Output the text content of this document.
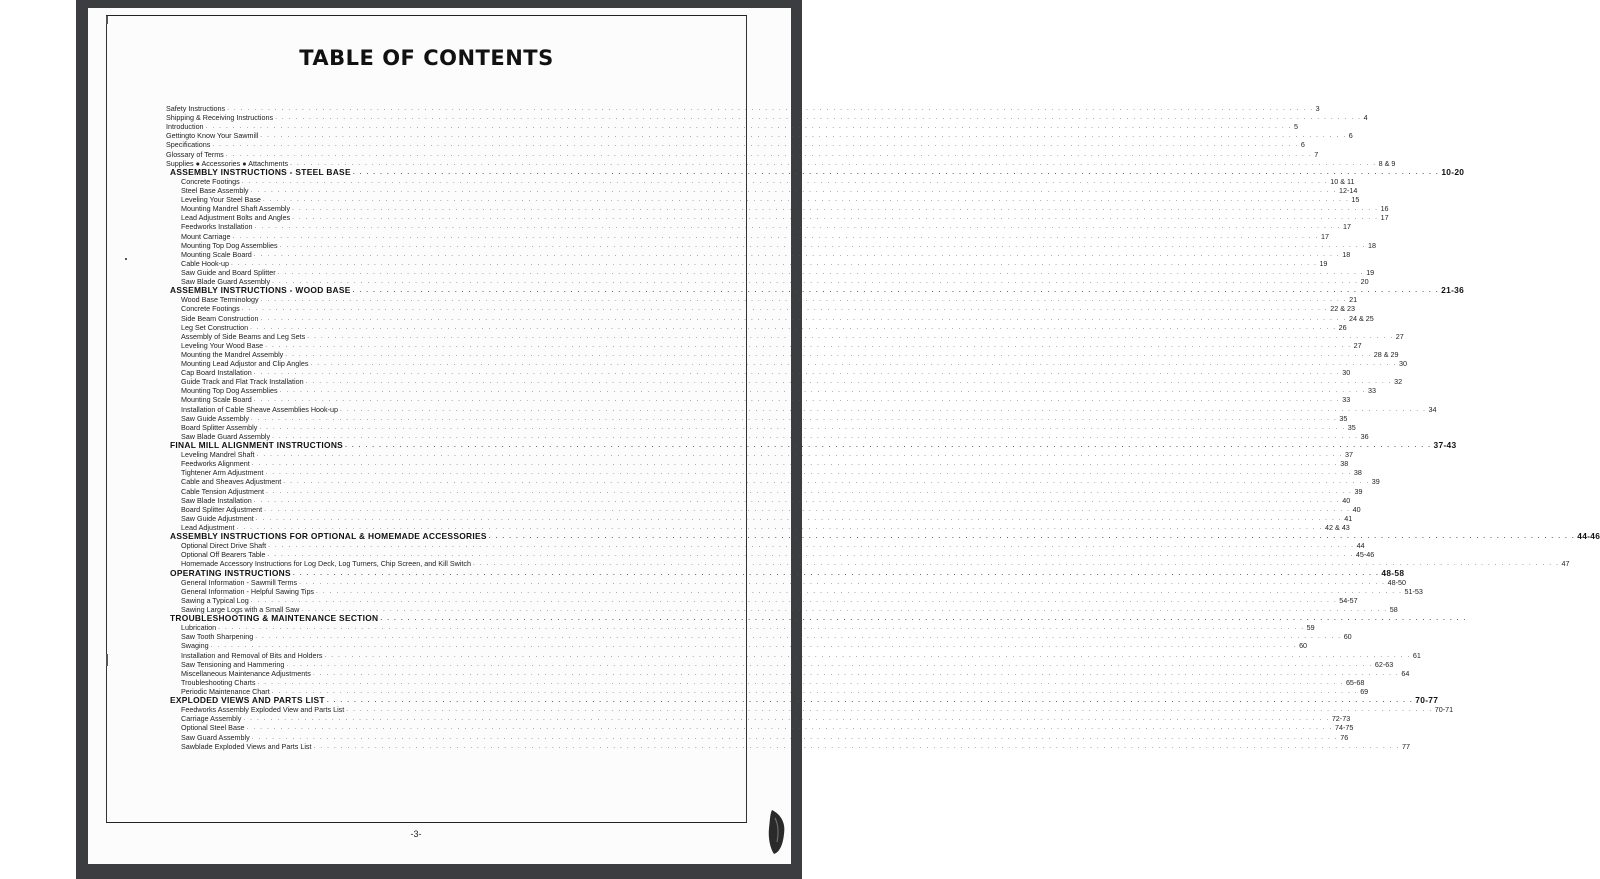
TABLE OF CONTENTS
Safety Instructions . . . . . . . . . . . . . . . . . . . . . . . . . . . . . . . . . . . . . . . . . . . . . . . . . . . . . . . . . . . . . . . . . . . . . . . . . . . . . . . . . . . . . . . . . . . . . . . . . . . . . . . . . . . . . . . . . . . . . . . . . . . . . . . . . . . . . . . . . . . . . . . . . . . . . . . . . . . . . . . . 3
Shipping & Receiving Instructions . . . . . . . . . . . . . . . . . . . . . . . . . . . . . . . . . . . . . . . . . . . . . . . . . . . . . . . . . . . . . . . . . . . . . . . . . . . . . . . . . . . . . . . . . . . . . . . . . . . . . . . . . . . . . . . . . . . . . . . . . . . . . . . . . . . . . . . . . . . . . . . . . . . . . . . . . . . . . . . . 4
Introduction . . . . . . . . . . . . . . . . . . . . . . . . . . . . . . . . . . . . . . . . . . . . . . . . . . . . . . . . . . . . . . . . . . . . . . . . . . . . . . . . . . . . . . . . . . . . . . . . . . . . . . . . . . . . . . . . . . . . . . . . . . . . . . . . . . . . . . . . . . . . . . . . . . . . . . . . . . . . . . . . 5
Gettingto Know Your Sawmill . . . . . . . . . . . . . . . . . . . . . . . . . . . . . . . . . . . . . . . . . . . . . . . . . . . . . . . . . . . . . . . . . . . . . . . . . . . . . . . . . . . . . . . . . . . . . . . . . . . . . . . . . . . . . . . . . . . . . . . . . . . . . . . . . . . . . . . . . . . . . . . . . . . . . . . . . . . . . . . . 6
Specifications . . . . . . . . . . . . . . . . . . . . . . . . . . . . . . . . . . . . . . . . . . . . . . . . . . . . . . . . . . . . . . . . . . . . . . . . . . . . . . . . . . . . . . . . . . . . . . . . . . . . . . . . . . . . . . . . . . . . . . . . . . . . . . . . . . . . . . . . . . . . . . . . . . . . . . . . . . . . . . . . 6
Glossary of Terms . . . . . . . . . . . . . . . . . . . . . . . . . . . . . . . . . . . . . . . . . . . . . . . . . . . . . . . . . . . . . . . . . . . . . . . . . . . . . . . . . . . . . . . . . . . . . . . . . . . . . . . . . . . . . . . . . . . . . . . . . . . . . . . . . . . . . . . . . . . . . . . . . . . . . . . . . . . . . . . . 7
Supplies ● Accessories ● Attachments . . . . . . . . . . . . . . . . . . . . . . . . . . . . . . . . . . . . . . . . . . . . . . . . . . . . . . . . . . . . . . . . . . . . . . . . . . . . . . . . . . . . . . . . . . . . . . . . . . . . . . . . . . . . . . . . . . . . . . . . . . . . . . . . . . . . . . . . . . . . . . . . . . . . . . . . . . . . . . . . 8 & 9
ASSEMBLY INSTRUCTIONS - STEEL BASE . . . . . . . . . . . . . . . . . . . . . . . . . . . . . . . . . . . . . . . . . . . . . . . . . . . . . . . . . . . . . . . . . . . . . . . . . . . . . . . . . . . . . . . . . . . . . . . . . . . . . . . . . . . . . . . . . . . . . . . . . . . . . . . . . . . . . . . . . . . . . . . . . . . . . . . . . . . . . . . . 10-20
Concrete Footings . . . . . . . . . . . . . . . . . . . . . . . . . . . . . . . . . . . . . . . . . . . . . . . . . . . . . . . . . . . . . . . . . . . . . . . . . . . . . . . . . . . . . . . . . . . . . . . . . . . . . . . . . . . . . . . . . . . . . . . . . . . . . . . . . . . . . . . . . . . . . . . . . . . . . . . . . . . . . . . . 10 & 11
Steel Base Assembly . . . . . . . . . . . . . . . . . . . . . . . . . . . . . . . . . . . . . . . . . . . . . . . . . . . . . . . . . . . . . . . . . . . . . . . . . . . . . . . . . . . . . . . . . . . . . . . . . . . . . . . . . . . . . . . . . . . . . . . . . . . . . . . . . . . . . . . . . . . . . . . . . . . . . . . . . . . . . . . . 12-14
Leveling Your Steel Base . . . . . . . . . . . . . . . . . . . . . . . . . . . . . . . . . . . . . . . . . . . . . . . . . . . . . . . . . . . . . . . . . . . . . . . . . . . . . . . . . . . . . . . . . . . . . . . . . . . . . . . . . . . . . . . . . . . . . . . . . . . . . . . . . . . . . . . . . . . . . . . . . . . . . . . . . . . . . . . . 15
Mounting Mandrel Shaft Assembly . . . . . . . . . . . . . . . . . . . . . . . . . . . . . . . . . . . . . . . . . . . . . . . . . . . . . . . . . . . . . . . . . . . . . . . . . . . . . . . . . . . . . . . . . . . . . . . . . . . . . . . . . . . . . . . . . . . . . . . . . . . . . . . . . . . . . . . . . . . . . . . . . . . . . . . . . . . . . . . . 16
Lead Adjustment Bolts and Angles . . . . . . . . . . . . . . . . . . . . . . . . . . . . . . . . . . . . . . . . . . . . . . . . . . . . . . . . . . . . . . . . . . . . . . . . . . . . . . . . . . . . . . . . . . . . . . . . . . . . . . . . . . . . . . . . . . . . . . . . . . . . . . . . . . . . . . . . . . . . . . . . . . . . . . . . . . . . . . . . 17
Feedworks Installation . . . . . . . . . . . . . . . . . . . . . . . . . . . . . . . . . . . . . . . . . . . . . . . . . . . . . . . . . . . . . . . . . . . . . . . . . . . . . . . . . . . . . . . . . . . . . . . . . . . . . . . . . . . . . . . . . . . . . . . . . . . . . . . . . . . . . . . . . . . . . . . . . . . . . . . . . . . . . . . . 17
Mount Carriage . . . . . . . . . . . . . . . . . . . . . . . . . . . . . . . . . . . . . . . . . . . . . . . . . . . . . . . . . . . . . . . . . . . . . . . . . . . . . . . . . . . . . . . . . . . . . . . . . . . . . . . . . . . . . . . . . . . . . . . . . . . . . . . . . . . . . . . . . . . . . . . . . . . . . . . . . . . . . . . . 17
Mounting Top Dog Assemblies . . . . . . . . . . . . . . . . . . . . . . . . . . . . . . . . . . . . . . . . . . . . . . . . . . . . . . . . . . . . . . . . . . . . . . . . . . . . . . . . . . . . . . . . . . . . . . . . . . . . . . . . . . . . . . . . . . . . . . . . . . . . . . . . . . . . . . . . . . . . . . . . . . . . . . . . . . . . . . . . 18
Mounting Scale Board . . . . . . . . . . . . . . . . . . . . . . . . . . . . . . . . . . . . . . . . . . . . . . . . . . . . . . . . . . . . . . . . . . . . . . . . . . . . . . . . . . . . . . . . . . . . . . . . . . . . . . . . . . . . . . . . . . . . . . . . . . . . . . . . . . . . . . . . . . . . . . . . . . . . . . . . . . . . . . . . 18
Cable Hook-up . . . . . . . . . . . . . . . . . . . . . . . . . . . . . . . . . . . . . . . . . . . . . . . . . . . . . . . . . . . . . . . . . . . . . . . . . . . . . . . . . . . . . . . . . . . . . . . . . . . . . . . . . . . . . . . . . . . . . . . . . . . . . . . . . . . . . . . . . . . . . . . . . . . . . . . . . . . . . . . . 19
Saw Guide and Board Splitter . . . . . . . . . . . . . . . . . . . . . . . . . . . . . . . . . . . . . . . . . . . . . . . . . . . . . . . . . . . . . . . . . . . . . . . . . . . . . . . . . . . . . . . . . . . . . . . . . . . . . . . . . . . . . . . . . . . . . . . . . . . . . . . . . . . . . . . . . . . . . . . . . . . . . . . . . . . . . . . . 19
Saw Blade Guard Assembly . . . . . . . . . . . . . . . . . . . . . . . . . . . . . . . . . . . . . . . . . . . . . . . . . . . . . . . . . . . . . . . . . . . . . . . . . . . . . . . . . . . . . . . . . . . . . . . . . . . . . . . . . . . . . . . . . . . . . . . . . . . . . . . . . . . . . . . . . . . . . . . . . . . . . . . . . . . . . . . . 20
ASSEMBLY INSTRUCTIONS - WOOD BASE . . . . . . . . . . . . . . . . . . . . . . . . . . . . . . . . . . . . . . . . . . . . . . . . . . . . . . . . . . . . . . . . . . . . . . . . . . . . . . . . . . . . . . . . . . . . . . . . . . . . . . . . . . . . . . . . . . . . . . . . . . . . . . . . . . . . . . . . . . . . . . . . . . . . . . . . . . . . . . . . 21-36
Wood Base Terminology . . . . . . . . . . . . . . . . . . . . . . . . . . . . . . . . . . . . . . . . . . . . . . . . . . . . . . . . . . . . . . . . . . . . . . . . . . . . . . . . . . . . . . . . . . . . . . . . . . . . . . . . . . . . . . . . . . . . . . . . . . . . . . . . . . . . . . . . . . . . . . . . . . . . . . . . . . . . . . . . 21
Concrete Footings . . . . . . . . . . . . . . . . . . . . . . . . . . . . . . . . . . . . . . . . . . . . . . . . . . . . . . . . . . . . . . . . . . . . . . . . . . . . . . . . . . . . . . . . . . . . . . . . . . . . . . . . . . . . . . . . . . . . . . . . . . . . . . . . . . . . . . . . . . . . . . . . . . . . . . . . . . . . . . . . 22 & 23
Side Beam Construction . . . . . . . . . . . . . . . . . . . . . . . . . . . . . . . . . . . . . . . . . . . . . . . . . . . . . . . . . . . . . . . . . . . . . . . . . . . . . . . . . . . . . . . . . . . . . . . . . . . . . . . . . . . . . . . . . . . . . . . . . . . . . . . . . . . . . . . . . . . . . . . . . . . . . . . . . . . . . . . . 24 & 25
Leg Set Construction . . . . . . . . . . . . . . . . . . . . . . . . . . . . . . . . . . . . . . . . . . . . . . . . . . . . . . . . . . . . . . . . . . . . . . . . . . . . . . . . . . . . . . . . . . . . . . . . . . . . . . . . . . . . . . . . . . . . . . . . . . . . . . . . . . . . . . . . . . . . . . . . . . . . . . . . . . . . . . . . 26
Assembly of Side Beams and Leg Sets . . . . . . . . . . . . . . . . . . . . . . . . . . . . . . . . . . . . . . . . . . . . . . . . . . . . . . . . . . . . . . . . . . . . . . . . . . . . . . . . . . . . . . . . . . . . . . . . . . . . . . . . . . . . . . . . . . . . . . . . . . . . . . . . . . . . . . . . . . . . . . . . . . . . . . . . . . . . . . . . 27
Leveling Your Wood Base . . . . . . . . . . . . . . . . . . . . . . . . . . . . . . . . . . . . . . . . . . . . . . . . . . . . . . . . . . . . . . . . . . . . . . . . . . . . . . . . . . . . . . . . . . . . . . . . . . . . . . . . . . . . . . . . . . . . . . . . . . . . . . . . . . . . . . . . . . . . . . . . . . . . . . . . . . . . . . . . 27
Mounting the Mandrel Assembly . . . . . . . . . . . . . . . . . . . . . . . . . . . . . . . . . . . . . . . . . . . . . . . . . . . . . . . . . . . . . . . . . . . . . . . . . . . . . . . . . . . . . . . . . . . . . . . . . . . . . . . . . . . . . . . . . . . . . . . . . . . . . . . . . . . . . . . . . . . . . . . . . . . . . . . . . . . . . . . . 28 & 29
Mounting Lead Adjustor and Clip Angles . . . . . . . . . . . . . . . . . . . . . . . . . . . . . . . . . . . . . . . . . . . . . . . . . . . . . . . . . . . . . . . . . . . . . . . . . . . . . . . . . . . . . . . . . . . . . . . . . . . . . . . . . . . . . . . . . . . . . . . . . . . . . . . . . . . . . . . . . . . . . . . . . . . . . . . . . . . . . . . . 30
Cap Board Installation . . . . . . . . . . . . . . . . . . . . . . . . . . . . . . . . . . . . . . . . . . . . . . . . . . . . . . . . . . . . . . . . . . . . . . . . . . . . . . . . . . . . . . . . . . . . . . . . . . . . . . . . . . . . . . . . . . . . . . . . . . . . . . . . . . . . . . . . . . . . . . . . . . . . . . . . . . . . . . . . 30
Guide Track and Flat Track Installation . . . . . . . . . . . . . . . . . . . . . . . . . . . . . . . . . . . . . . . . . . . . . . . . . . . . . . . . . . . . . . . . . . . . . . . . . . . . . . . . . . . . . . . . . . . . . . . . . . . . . . . . . . . . . . . . . . . . . . . . . . . . . . . . . . . . . . . . . . . . . . . . . . . . . . . . . . . . . . . . 32
Mounting Top Dog Assemblies . . . . . . . . . . . . . . . . . . . . . . . . . . . . . . . . . . . . . . . . . . . . . . . . . . . . . . . . . . . . . . . . . . . . . . . . . . . . . . . . . . . . . . . . . . . . . . . . . . . . . . . . . . . . . . . . . . . . . . . . . . . . . . . . . . . . . . . . . . . . . . . . . . . . . . . . . . . . . . . . 33
Mounting Scale Board . . . . . . . . . . . . . . . . . . . . . . . . . . . . . . . . . . . . . . . . . . . . . . . . . . . . . . . . . . . . . . . . . . . . . . . . . . . . . . . . . . . . . . . . . . . . . . . . . . . . . . . . . . . . . . . . . . . . . . . . . . . . . . . . . . . . . . . . . . . . . . . . . . . . . . . . . . . . . . . . 33
Installation of Cable Sheave Assemblies Hook-up . . . . . . . . . . . . . . . . . . . . . . . . . . . . . . . . . . . . . . . . . . . . . . . . . . . . . . . . . . . . . . . . . . . . . . . . . . . . . . . . . . . . . . . . . . . . . . . . . . . . . . . . . . . . . . . . . . . . . . . . . . . . . . . . . . . . . . . . . . . . . . . . . . . . . . . . . . . . . . . . 34
Saw Guide Assembly . . . . . . . . . . . . . . . . . . . . . . . . . . . . . . . . . . . . . . . . . . . . . . . . . . . . . . . . . . . . . . . . . . . . . . . . . . . . . . . . . . . . . . . . . . . . . . . . . . . . . . . . . . . . . . . . . . . . . . . . . . . . . . . . . . . . . . . . . . . . . . . . . . . . . . . . . . . . . . . . 35
Board Splitter Assembly . . . . . . . . . . . . . . . . . . . . . . . . . . . . . . . . . . . . . . . . . . . . . . . . . . . . . . . . . . . . . . . . . . . . . . . . . . . . . . . . . . . . . . . . . . . . . . . . . . . . . . . . . . . . . . . . . . . . . . . . . . . . . . . . . . . . . . . . . . . . . . . . . . . . . . . . . . . . . . . . 35
Saw Blade Guard Assembly . . . . . . . . . . . . . . . . . . . . . . . . . . . . . . . . . . . . . . . . . . . . . . . . . . . . . . . . . . . . . . . . . . . . . . . . . . . . . . . . . . . . . . . . . . . . . . . . . . . . . . . . . . . . . . . . . . . . . . . . . . . . . . . . . . . . . . . . . . . . . . . . . . . . . . . . . . . . . . . . 36
FINAL MILL ALIGNMENT INSTRUCTIONS . . . . . . . . . . . . . . . . . . . . . . . . . . . . . . . . . . . . . . . . . . . . . . . . . . . . . . . . . . . . . . . . . . . . . . . . . . . . . . . . . . . . . . . . . . . . . . . . . . . . . . . . . . . . . . . . . . . . . . . . . . . . . . . . . . . . . . . . . . . . . . . . . . . . . . . . . . . . . . . . 37-43
Leveling Mandrel Shaft . . . . . . . . . . . . . . . . . . . . . . . . . . . . . . . . . . . . . . . . . . . . . . . . . . . . . . . . . . . . . . . . . . . . . . . . . . . . . . . . . . . . . . . . . . . . . . . . . . . . . . . . . . . . . . . . . . . . . . . . . . . . . . . . . . . . . . . . . . . . . . . . . . . . . . . . . . . . . . . . 37
Feedworks Alignment . . . . . . . . . . . . . . . . . . . . . . . . . . . . . . . . . . . . . . . . . . . . . . . . . . . . . . . . . . . . . . . . . . . . . . . . . . . . . . . . . . . . . . . . . . . . . . . . . . . . . . . . . . . . . . . . . . . . . . . . . . . . . . . . . . . . . . . . . . . . . . . . . . . . . . . . . . . . . . . . 38
Tightener Arm Adjustment . . . . . . . . . . . . . . . . . . . . . . . . . . . . . . . . . . . . . . . . . . . . . . . . . . . . . . . . . . . . . . . . . . . . . . . . . . . . . . . . . . . . . . . . . . . . . . . . . . . . . . . . . . . . . . . . . . . . . . . . . . . . . . . . . . . . . . . . . . . . . . . . . . . . . . . . . . . . . . . . 38
Cable and Sheaves Adjustment . . . . . . . . . . . . . . . . . . . . . . . . . . . . . . . . . . . . . . . . . . . . . . . . . . . . . . . . . . . . . . . . . . . . . . . . . . . . . . . . . . . . . . . . . . . . . . . . . . . . . . . . . . . . . . . . . . . . . . . . . . . . . . . . . . . . . . . . . . . . . . . . . . . . . . . . . . . . . . . . 39
Cable Tension Adjustment . . . . . . . . . . . . . . . . . . . . . . . . . . . . . . . . . . . . . . . . . . . . . . . . . . . . . . . . . . . . . . . . . . . . . . . . . . . . . . . . . . . . . . . . . . . . . . . . . . . . . . . . . . . . . . . . . . . . . . . . . . . . . . . . . . . . . . . . . . . . . . . . . . . . . . . . . . . . . . . . 39
Saw Blade Installation . . . . . . . . . . . . . . . . . . . . . . . . . . . . . . . . . . . . . . . . . . . . . . . . . . . . . . . . . . . . . . . . . . . . . . . . . . . . . . . . . . . . . . . . . . . . . . . . . . . . . . . . . . . . . . . . . . . . . . . . . . . . . . . . . . . . . . . . . . . . . . . . . . . . . . . . . . . . . . . . 40
Board Splitter Adjustment . . . . . . . . . . . . . . . . . . . . . . . . . . . . . . . . . . . . . . . . . . . . . . . . . . . . . . . . . . . . . . . . . . . . . . . . . . . . . . . . . . . . . . . . . . . . . . . . . . . . . . . . . . . . . . . . . . . . . . . . . . . . . . . . . . . . . . . . . . . . . . . . . . . . . . . . . . . . . . . . 40
Saw Guide Adjustment . . . . . . . . . . . . . . . . . . . . . . . . . . . . . . . . . . . . . . . . . . . . . . . . . . . . . . . . . . . . . . . . . . . . . . . . . . . . . . . . . . . . . . . . . . . . . . . . . . . . . . . . . . . . . . . . . . . . . . . . . . . . . . . . . . . . . . . . . . . . . . . . . . . . . . . . . . . . . . . . 41
Lead Adjustment . . . . . . . . . . . . . . . . . . . . . . . . . . . . . . . . . . . . . . . . . . . . . . . . . . . . . . . . . . . . . . . . . . . . . . . . . . . . . . . . . . . . . . . . . . . . . . . . . . . . . . . . . . . . . . . . . . . . . . . . . . . . . . . . . . . . . . . . . . . . . . . . . . . . . . . . . . . . . . . . 42 & 43
ASSEMBLY INSTRUCTIONS FOR OPTIONAL & HOMEMADE ACCESSORIES . . . . . . . . . . . . . . . . . . . . . . . . . . . . . . . . . . . . . . . . . . . . . . . . . . . . . . . . . . . . . . . . . . . . . . . . . . . . . . . . . . . . . . . . . . . . . . . . . . . . . . . . . . . . . . . . . . . . . . . . . . . . . . . . . . . . . . . . . . . . . . . . . . . . . . . . . . . . . . . . 44-46
Optional Direct Drive Shaft . . . . . . . . . . . . . . . . . . . . . . . . . . . . . . . . . . . . . . . . . . . . . . . . . . . . . . . . . . . . . . . . . . . . . . . . . . . . . . . . . . . . . . . . . . . . . . . . . . . . . . . . . . . . . . . . . . . . . . . . . . . . . . . . . . . . . . . . . . . . . . . . . . . . . . . . . . . . . . . . 44
Optional Off Bearers Table . . . . . . . . . . . . . . . . . . . . . . . . . . . . . . . . . . . . . . . . . . . . . . . . . . . . . . . . . . . . . . . . . . . . . . . . . . . . . . . . . . . . . . . . . . . . . . . . . . . . . . . . . . . . . . . . . . . . . . . . . . . . . . . . . . . . . . . . . . . . . . . . . . . . . . . . . . . . . . . . 45-46
Homemade Accessory Instructions for Log Deck, Log Turners, Chip Screen, and Kill Switch . . . . . . . . . . . . . . . . . . . . . . . . . . . . . . . . . . . . . . . . . . . . . . . . . . . . . . . . . . . . . . . . . . . . . . . . . . . . . . . . . . . . . . . . . . . . . . . . . . . . . . . . . . . . . . . . . . . . . . . . . . . . . . . . . . . . . . . . . . . . . . . . . . . . . . . . . . . . . . . . 47
OPERATING INSTRUCTIONS . . . . . . . . . . . . . . . . . . . . . . . . . . . . . . . . . . . . . . . . . . . . . . . . . . . . . . . . . . . . . . . . . . . . . . . . . . . . . . . . . . . . . . . . . . . . . . . . . . . . . . . . . . . . . . . . . . . . . . . . . . . . . . . . . . . . . . . . . . . . . . . . . . . . . . . . . . . . . . . . 48-58
General Information - Sawmill Terms . . . . . . . . . . . . . . . . . . . . . . . . . . . . . . . . . . . . . . . . . . . . . . . . . . . . . . . . . . . . . . . . . . . . . . . . . . . . . . . . . . . . . . . . . . . . . . . . . . . . . . . . . . . . . . . . . . . . . . . . . . . . . . . . . . . . . . . . . . . . . . . . . . . . . . . . . . . . . . . . 48-50
General Information - Helpful Sawing Tips . . . . . . . . . . . . . . . . . . . . . . . . . . . . . . . . . . . . . . . . . . . . . . . . . . . . . . . . . . . . . . . . . . . . . . . . . . . . . . . . . . . . . . . . . . . . . . . . . . . . . . . . . . . . . . . . . . . . . . . . . . . . . . . . . . . . . . . . . . . . . . . . . . . . . . . . . . . . . . . . 51-53
Sawing a Typical Log . . . . . . . . . . . . . . . . . . . . . . . . . . . . . . . . . . . . . . . . . . . . . . . . . . . . . . . . . . . . . . . . . . . . . . . . . . . . . . . . . . . . . . . . . . . . . . . . . . . . . . . . . . . . . . . . . . . . . . . . . . . . . . . . . . . . . . . . . . . . . . . . . . . . . . . . . . . . . . . . 54-57
Sawing Large Logs with a Small Saw . . . . . . . . . . . . . . . . . . . . . . . . . . . . . . . . . . . . . . . . . . . . . . . . . . . . . . . . . . . . . . . . . . . . . . . . . . . . . . . . . . . . . . . . . . . . . . . . . . . . . . . . . . . . . . . . . . . . . . . . . . . . . . . . . . . . . . . . . . . . . . . . . . . . . . . . . . . . . . . . 58
TROUBLESHOOTING & MAINTENANCE SECTION . . . . . . . . . . . . . . . . . . . . . . . . . . . . . . . . . . . . . . . . . . . . . . . . . . . . . . . . . . . . . . . . . . . . . . . . . . . . . . . . . . . . . . . . . . . . . . . . . . . . . . . . . . . . . . . . . . . . . . . . . . . . . . . . . . . . . . . . . . . . . . . . . . . . . . . . . . . . . . . .
Lubrication . . . . . . . . . . . . . . . . . . . . . . . . . . . . . . . . . . . . . . . . . . . . . . . . . . . . . . . . . . . . . . . . . . . . . . . . . . . . . . . . . . . . . . . . . . . . . . . . . . . . . . . . . . . . . . . . . . . . . . . . . . . . . . . . . . . . . . . . . . . . . . . . . . . . . . . . . . . . . . . . 59
Saw Tooth Sharpening . . . . . . . . . . . . . . . . . . . . . . . . . . . . . . . . . . . . . . . . . . . . . . . . . . . . . . . . . . . . . . . . . . . . . . . . . . . . . . . . . . . . . . . . . . . . . . . . . . . . . . . . . . . . . . . . . . . . . . . . . . . . . . . . . . . . . . . . . . . . . . . . . . . . . . . . . . . . . . . . 60
Swaging . . . . . . . . . . . . . . . . . . . . . . . . . . . . . . . . . . . . . . . . . . . . . . . . . . . . . . . . . . . . . . . . . . . . . . . . . . . . . . . . . . . . . . . . . . . . . . . . . . . . . . . . . . . . . . . . . . . . . . . . . . . . . . . . . . . . . . . . . . . . . . . . . . . . . . . . . . . . . . . . 60
Installation and Removal of Bits and Holders . . . . . . . . . . . . . . . . . . . . . . . . . . . . . . . . . . . . . . . . . . . . . . . . . . . . . . . . . . . . . . . . . . . . . . . . . . . . . . . . . . . . . . . . . . . . . . . . . . . . . . . . . . . . . . . . . . . . . . . . . . . . . . . . . . . . . . . . . . . . . . . . . . . . . . . . . . . . . . . . 61
Saw Tensioning and Hammering . . . . . . . . . . . . . . . . . . . . . . . . . . . . . . . . . . . . . . . . . . . . . . . . . . . . . . . . . . . . . . . . . . . . . . . . . . . . . . . . . . . . . . . . . . . . . . . . . . . . . . . . . . . . . . . . . . . . . . . . . . . . . . . . . . . . . . . . . . . . . . . . . . . . . . . . . . . . . . . . 62-63
Miscellaneous Maintenance Adjustments . . . . . . . . . . . . . . . . . . . . . . . . . . . . . . . . . . . . . . . . . . . . . . . . . . . . . . . . . . . . . . . . . . . . . . . . . . . . . . . . . . . . . . . . . . . . . . . . . . . . . . . . . . . . . . . . . . . . . . . . . . . . . . . . . . . . . . . . . . . . . . . . . . . . . . . . . . . . . . . . 64
Troubleshooting Charts . . . . . . . . . . . . . . . . . . . . . . . . . . . . . . . . . . . . . . . . . . . . . . . . . . . . . . . . . . . . . . . . . . . . . . . . . . . . . . . . . . . . . . . . . . . . . . . . . . . . . . . . . . . . . . . . . . . . . . . . . . . . . . . . . . . . . . . . . . . . . . . . . . . . . . . . . . . . . . . . 65-68
Periodic Maintenance Chart . . . . . . . . . . . . . . . . . . . . . . . . . . . . . . . . . . . . . . . . . . . . . . . . . . . . . . . . . . . . . . . . . . . . . . . . . . . . . . . . . . . . . . . . . . . . . . . . . . . . . . . . . . . . . . . . . . . . . . . . . . . . . . . . . . . . . . . . . . . . . . . . . . . . . . . . . . . . . . . . 69
EXPLODED VIEWS AND PARTS LIST . . . . . . . . . . . . . . . . . . . . . . . . . . . . . . . . . . . . . . . . . . . . . . . . . . . . . . . . . . . . . . . . . . . . . . . . . . . . . . . . . . . . . . . . . . . . . . . . . . . . . . . . . . . . . . . . . . . . . . . . . . . . . . . . . . . . . . . . . . . . . . . . . . . . . . . . . . . . . . . . 70-77
Feedworks Assembly Exploded View and Parts List . . . . . . . . . . . . . . . . . . . . . . . . . . . . . . . . . . . . . . . . . . . . . . . . . . . . . . . . . . . . . . . . . . . . . . . . . . . . . . . . . . . . . . . . . . . . . . . . . . . . . . . . . . . . . . . . . . . . . . . . . . . . . . . . . . . . . . . . . . . . . . . . . . . . . . . . . . . . . . . . 70-71
Carriage Assembly . . . . . . . . . . . . . . . . . . . . . . . . . . . . . . . . . . . . . . . . . . . . . . . . . . . . . . . . . . . . . . . . . . . . . . . . . . . . . . . . . . . . . . . . . . . . . . . . . . . . . . . . . . . . . . . . . . . . . . . . . . . . . . . . . . . . . . . . . . . . . . . . . . . . . . . . . . . . . . . . 72-73
Optional Steel Base . . . . . . . . . . . . . . . . . . . . . . . . . . . . . . . . . . . . . . . . . . . . . . . . . . . . . . . . . . . . . . . . . . . . . . . . . . . . . . . . . . . . . . . . . . . . . . . . . . . . . . . . . . . . . . . . . . . . . . . . . . . . . . . . . . . . . . . . . . . . . . . . . . . . . . . . . . . . . . . . 74-75
Saw Guard Assembly . . . . . . . . . . . . . . . . . . . . . . . . . . . . . . . . . . . . . . . . . . . . . . . . . . . . . . . . . . . . . . . . . . . . . . . . . . . . . . . . . . . . . . . . . . . . . . . . . . . . . . . . . . . . . . . . . . . . . . . . . . . . . . . . . . . . . . . . . . . . . . . . . . . . . . . . . . . . . . . . 76
Sawblade Exploded Views and Parts List . . . . . . . . . . . . . . . . . . . . . . . . . . . . . . . . . . . . . . . . . . . . . . . . . . . . . . . . . . . . . . . . . . . . . . . . . . . . . . . . . . . . . . . . . . . . . . . . . . . . . . . . . . . . . . . . . . . . . . . . . . . . . . . . . . . . . . . . . . . . . . . . . . . . . . . . . . . . . . . . 77
-3-
